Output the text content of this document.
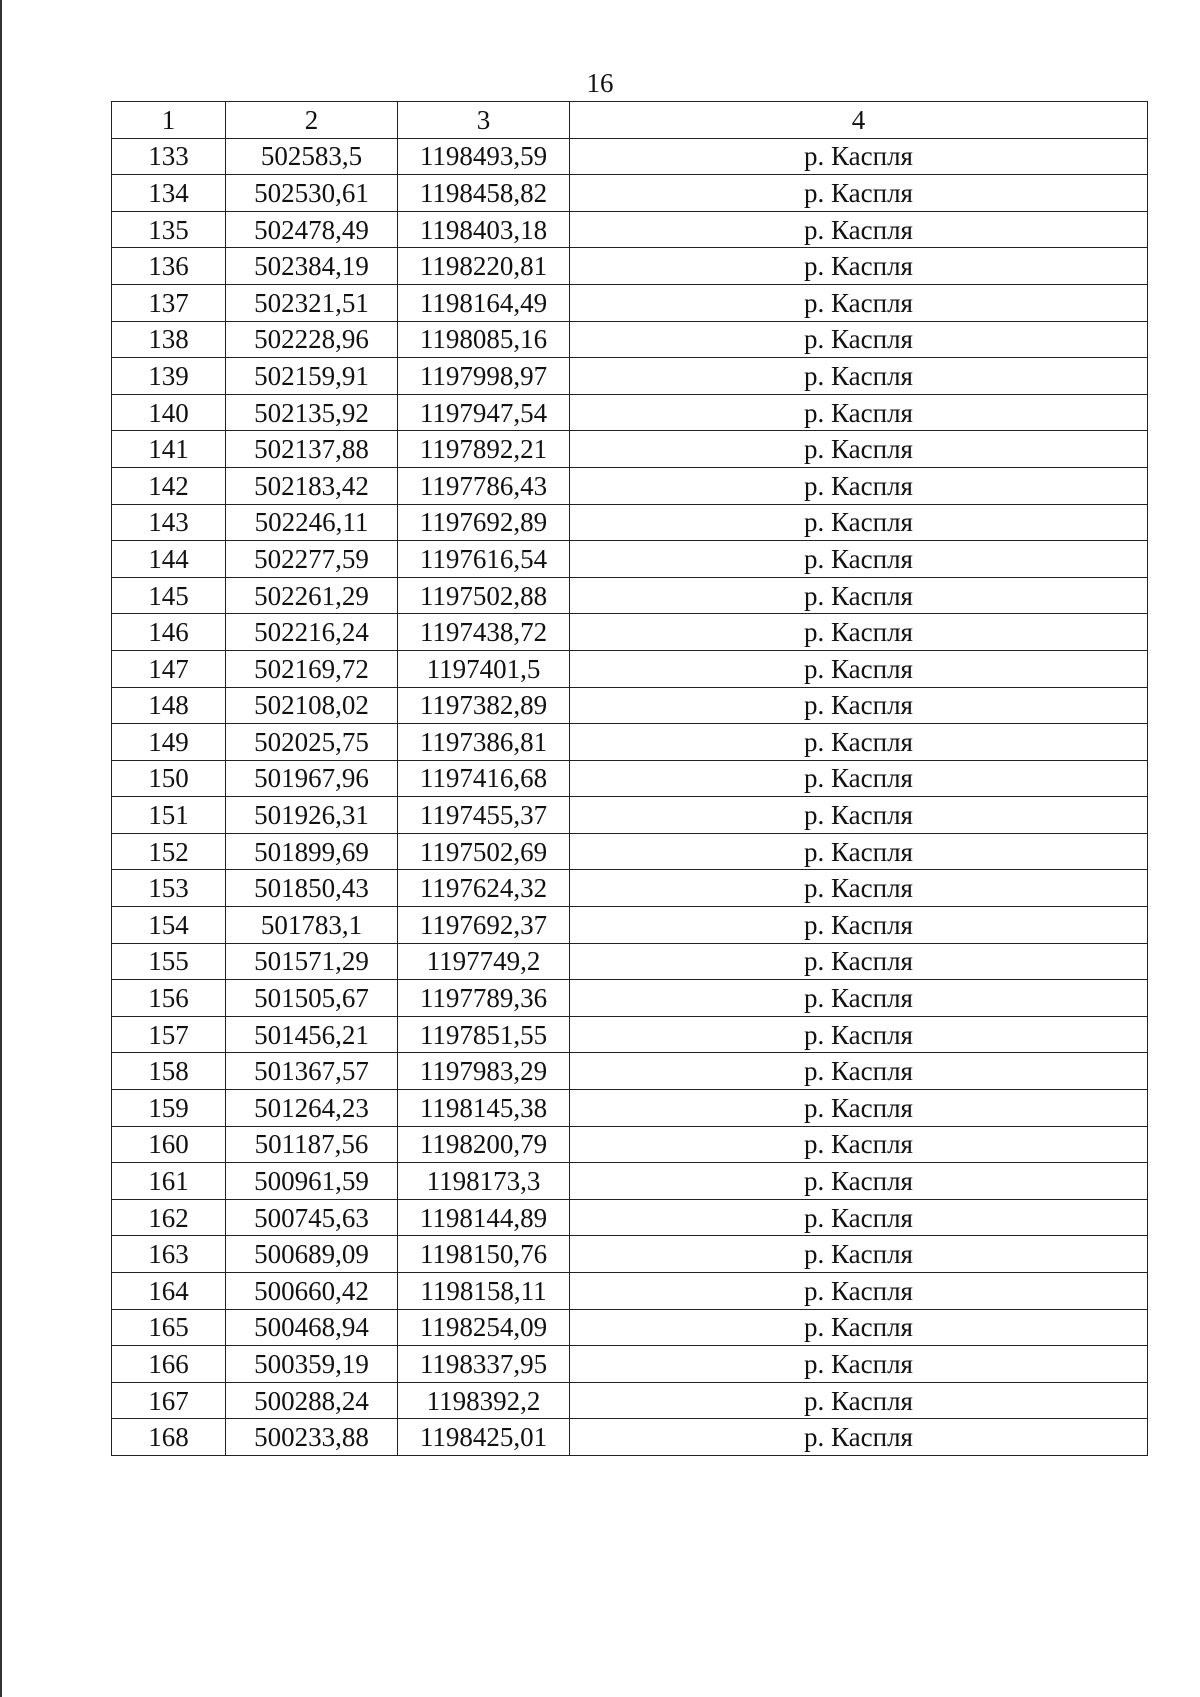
16
1	2	3	4
133	502583,5	1198493,59	р. Каспля
134	502530,61	1198458,82	р. Каспля
135	502478,49	1198403,18	р. Каспля
136	502384,19	1198220,81	р. Каспля
137	502321,51	1198164,49	р. Каспля
138	502228,96	1198085,16	р. Каспля
139	502159,91	1197998,97	р. Каспля
140	502135,92	1197947,54	р. Каспля
141	502137,88	1197892,21	р. Каспля
142	502183,42	1197786,43	р. Каспля
143	502246,11	1197692,89	р. Каспля
144	502277,59	1197616,54	р. Каспля
145	502261,29	1197502,88	р. Каспля
146	502216,24	1197438,72	р. Каспля
147	502169,72	1197401,5	р. Каспля
148	502108,02	1197382,89	р. Каспля
149	502025,75	1197386,81	р. Каспля
150	501967,96	1197416,68	р. Каспля
151	501926,31	1197455,37	р. Каспля
152	501899,69	1197502,69	р. Каспля
153	501850,43	1197624,32	р. Каспля
154	501783,1	1197692,37	р. Каспля
155	501571,29	1197749,2	р. Каспля
156	501505,67	1197789,36	р. Каспля
157	501456,21	1197851,55	р. Каспля
158	501367,57	1197983,29	р. Каспля
159	501264,23	1198145,38	р. Каспля
160	501187,56	1198200,79	р. Каспля
161	500961,59	1198173,3	р. Каспля
162	500745,63	1198144,89	р. Каспля
163	500689,09	1198150,76	р. Каспля
164	500660,42	1198158,11	р. Каспля
165	500468,94	1198254,09	р. Каспля
166	500359,19	1198337,95	р. Каспля
167	500288,24	1198392,2	р. Каспля
168	500233,88	1198425,01	р. Каспля
